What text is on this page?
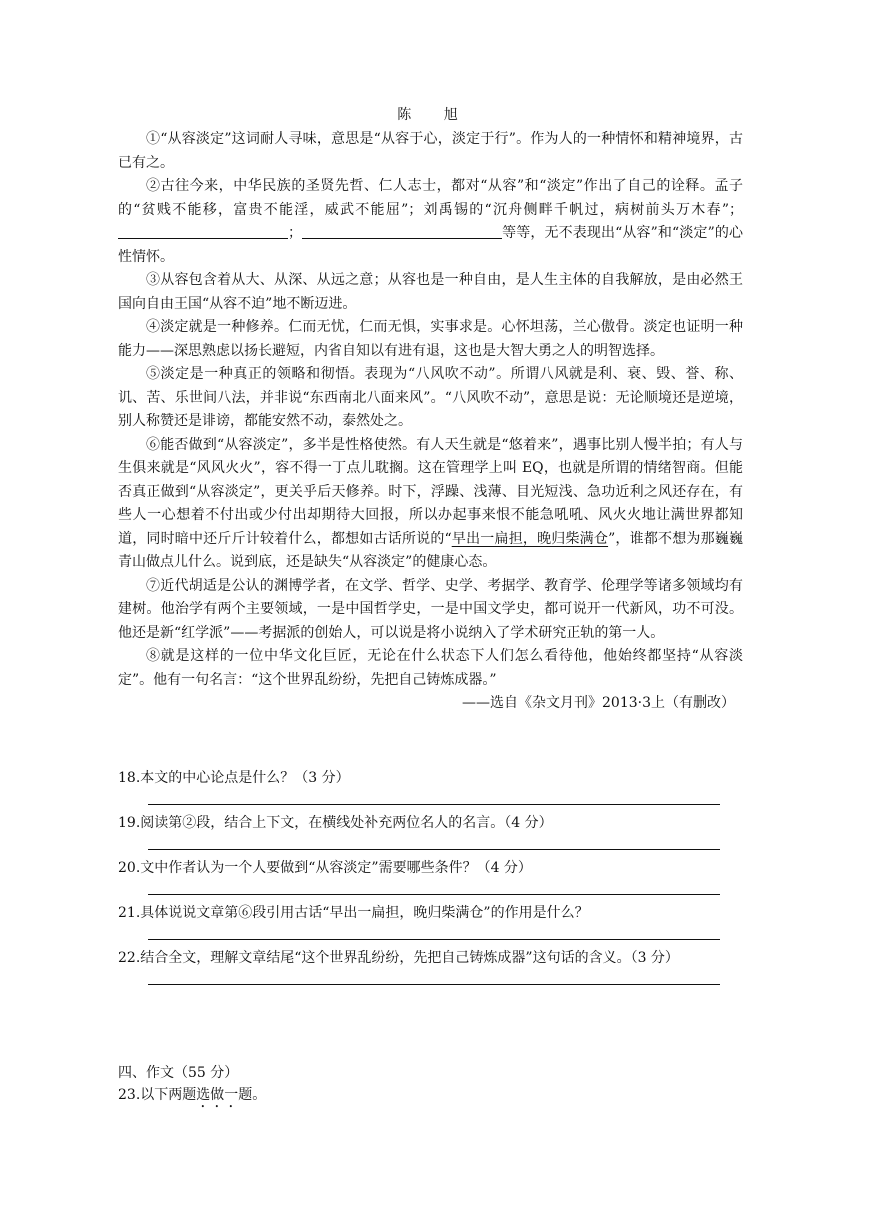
陈 旭

①“从容淡定”这词耐人寻味，意思是“从容于心，淡定于行”。作为人的一种情怀和精神境界，古已有之。

②古往今来，中华民族的圣贤先哲、仁人志士，都对“从容”和“淡定”作出了自己的诠释。孟子的“贫贱不能移，富贵不能淫，威武不能屈”；刘禹锡的“沉舟侧畔千帆过，病树前头万木春”；；	等等，无不表现出“从容”和“淡定”的心性情怀。

③从容包含着从大、从深、从远之意；从容也是一种自由，是人生主体的自我解放，是由必然王国向自由王国“从容不迫”地不断迈进。

④淡定就是一种修养。仁而无忧，仁而无惧，实事求是。心怀坦荡，兰心傲骨。淡定也证明一种能力——深思熟虑以扬长避短，内省自知以有进有退，这也是大智大勇之人的明智选择。

⑤淡定是一种真正的领略和彻悟。表现为“八风吹不动”。所谓八风就是利、衰、毁、誉、称、讥、苦、乐世间八法，并非说“东西南北八面来风”。“八风吹不动”，意思是说：无论顺境还是逆境，别人称赞还是诽谤，都能安然不动，泰然处之。

⑥能否做到“从容淡定”，多半是性格使然。有人天生就是“悠着来”，遇事比别人慢半拍；有人与生俱来就是“风风火火”，容不得一丁点儿耽搁。这在管理学上叫 EQ，也就是所谓的情绪智商。但能否真正做到“从容淡定”，更关乎后天修养。时下，浮躁、浅薄、目光短浅、急功近利之风还存在，有些人一心想着不付出或少付出却期待大回报，所以办起事来恨不能急吼吼、风火火地让满世界都知道，同时暗中还斤斤计较着什么，都想如古话所说的“早出一扁担，晚归柴满仓”，谁都不想为那巍巍青山做点儿什么。说到底，还是缺失“从容淡定”的健康心态。

⑦近代胡适是公认的渊博学者，在文学、哲学、史学、考据学、教育学、伦理学等诸多领域均有建树。他治学有两个主要领域，一是中国哲学史，一是中国文学史，都可说开一代新风，功不可没。他还是新“红学派”——考据派的创始人，可以说是将小说纳入了学术研究正轨的第一人。

⑧就是这样的一位中华文化巨匠，无论在什么状态下人们怎么看待他，他始终都坚持“从容淡定”。他有一句名言：“这个世界乱纷纷，先把自己铸炼成器。”

——选自《杂文月刊》2013·3上（有删改）

18.本文的中心论点是什么？（3 分）
19.阅读第②段，结合上下文，在横线处补充两位名人的名言。（4 分）
20.文中作者认为一个人要做到“从容淡定”需要哪些条件？（4 分）
21.具体说说文章第⑥段引用古话“早出一扁担，晚归柴满仓”的作用是什么？
22.结合全文，理解文章结尾“这个世界乱纷纷，先把自己铸炼成器”这句话的含义。（3 分）
四、作文（55 分）
23.以下两题选做一题。
